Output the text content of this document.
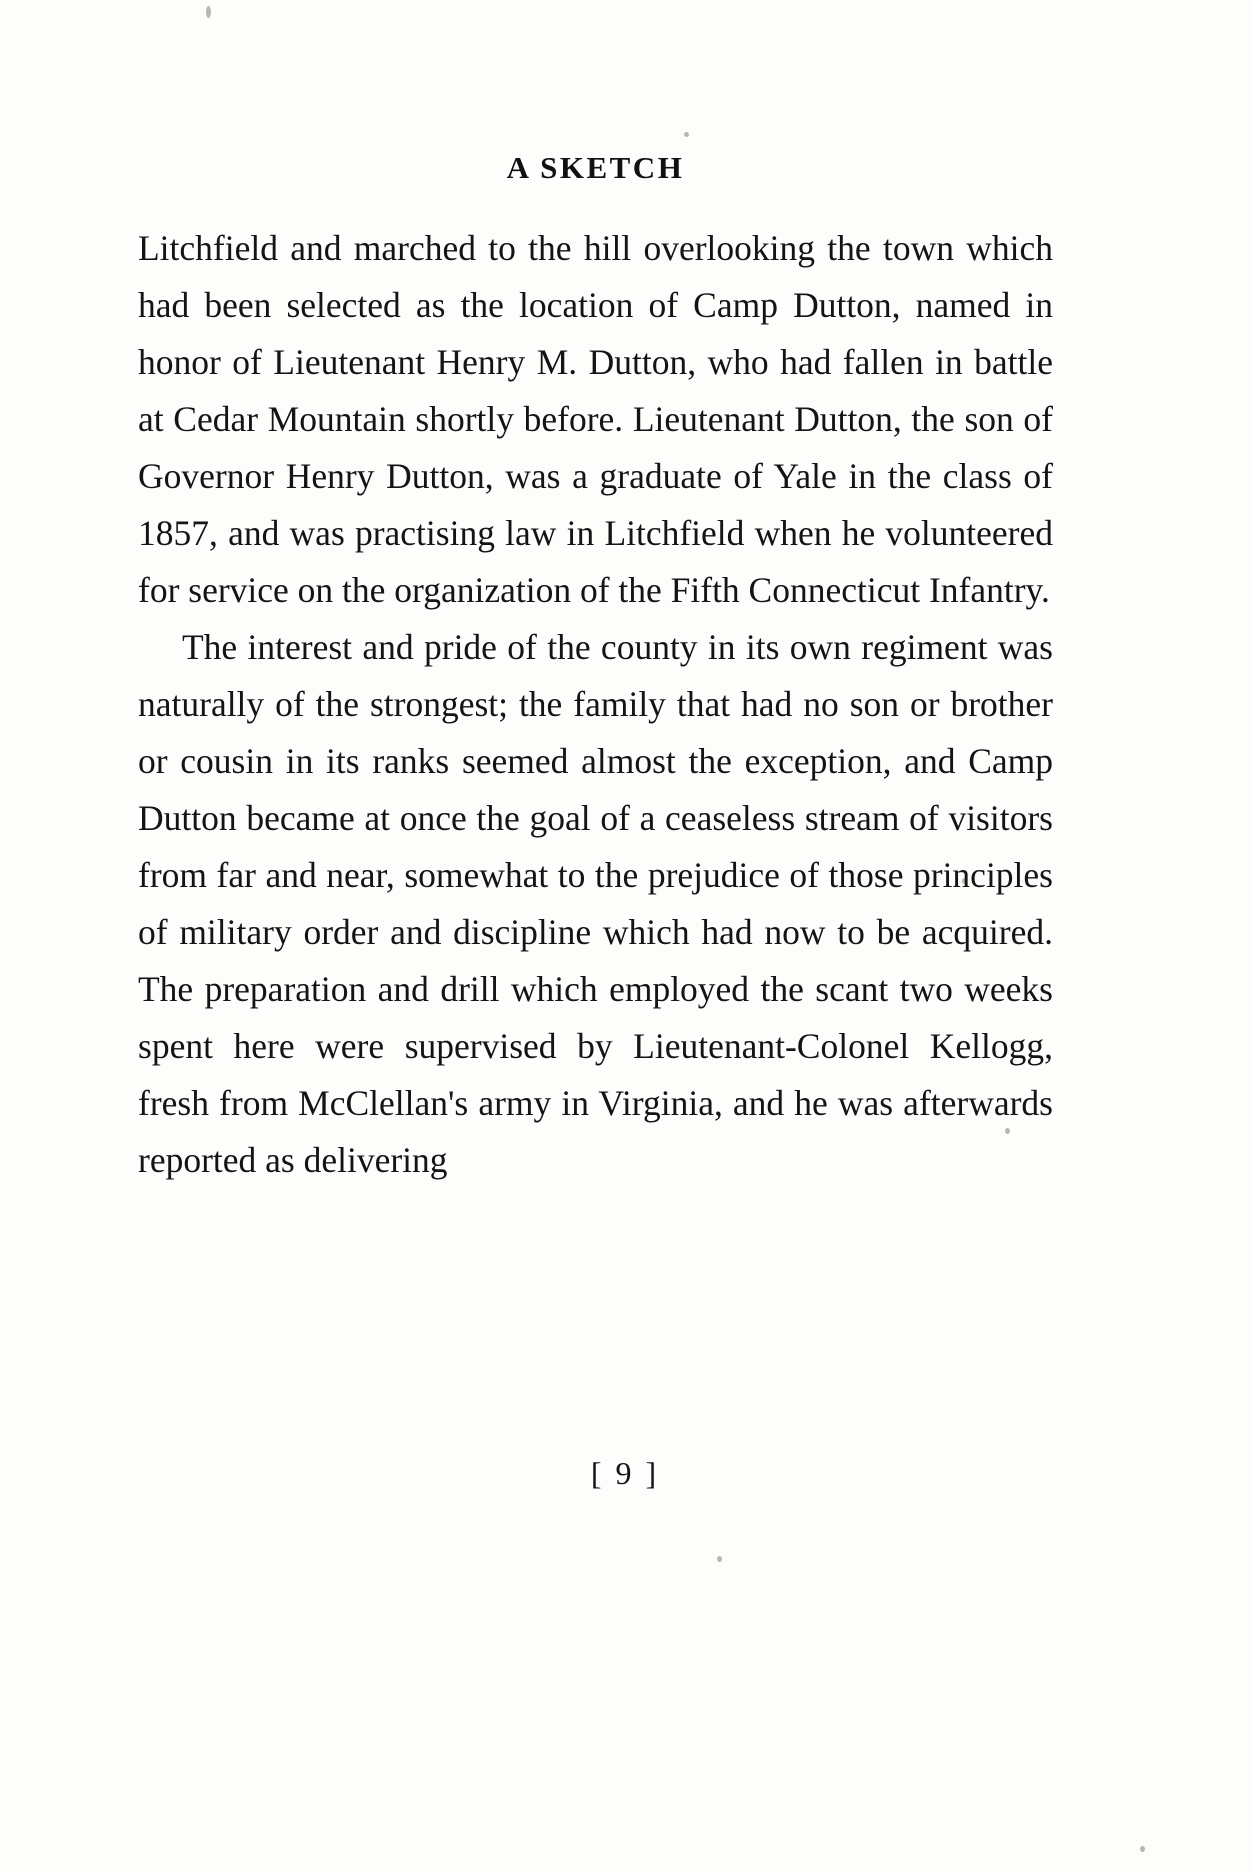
A SKETCH

Litchfield and marched to the hill overlooking the town which had been selected as the location of Camp Dutton, named in honor of Lieutenant Henry M. Dutton, who had fallen in battle at Cedar Mountain shortly before. Lieutenant Dutton, the son of Governor Henry Dutton, was a graduate of Yale in the class of 1857, and was practising law in Litchfield when he volunteered for service on the organization of the Fifth Connecticut Infantry.

The interest and pride of the county in its own regiment was naturally of the strongest; the family that had no son or brother or cousin in its ranks seemed almost the exception, and Camp Dutton became at once the goal of a ceaseless stream of visitors from far and near, somewhat to the prejudice of those principles of military order and discipline which had now to be acquired. The preparation and drill which employed the scant two weeks spent here were supervised by Lieutenant-Colonel Kellogg, fresh from McClellan's army in Virginia, and he was afterwards reported as delivering

[ 9 ]
